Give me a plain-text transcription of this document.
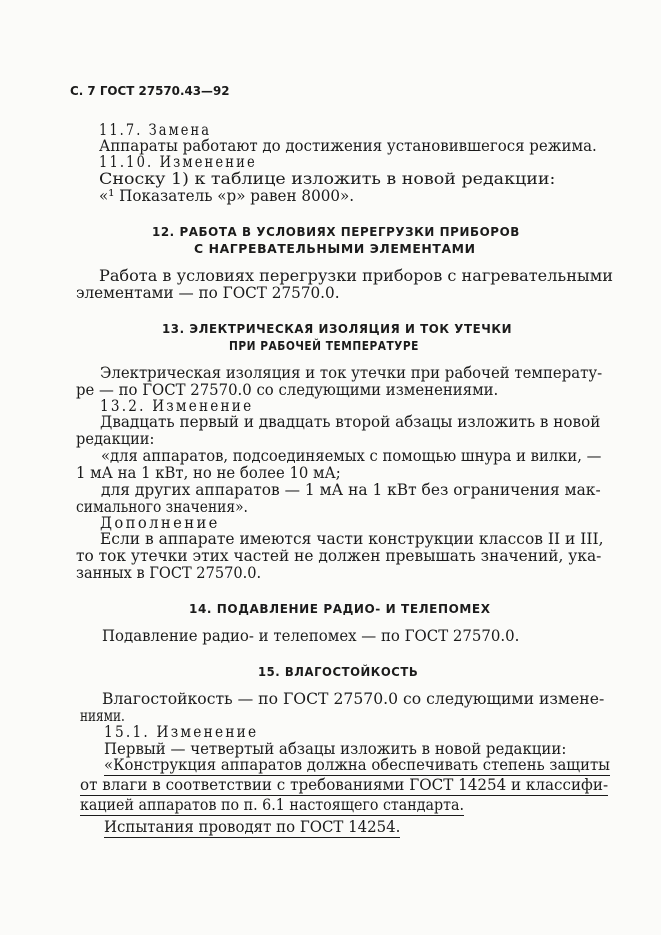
С. 7 ГОСТ 27570.43—92
11.7. Замена
Аппараты работают до достижения установившегося режима.
11.10. Изменение
Сноску 1) к таблице изложить в новой редакции:
«¹ Показатель «р» равен 8000».
12. РАБОТА В УСЛОВИЯХ ПЕРЕГРУЗКИ ПРИБОРОВ
С НАГРЕВАТЕЛЬНЫМИ ЭЛЕМЕНТАМИ
Работа в условиях перегрузки приборов с нагревательными
элементами — по ГОСТ 27570.0.
13. ЭЛЕКТРИЧЕСКАЯ ИЗОЛЯЦИЯ И ТОК УТЕЧКИ
ПРИ РАБОЧЕЙ ТЕМПЕРАТУРЕ
Электрическая изоляция и ток утечки при рабочей температу-
ре — по ГОСТ 27570.0 со следующими изменениями.
13.2. Изменение
Двадцать первый и двадцать второй абзацы изложить в новой
редакции:
«для аппаратов, подсоединяемых с помощью шнура и вилки, —
1 мА на 1 кВт, но не более 10 мА;
для других аппаратов — 1 мА на 1 кВт без ограничения мак-
симального значения».
Дополнение
Если в аппарате имеются части конструкции классов II и III,
то ток утечки этих частей не должен превышать значений, ука-
занных в ГОСТ 27570.0.
14. ПОДАВЛЕНИЕ РАДИО- И ТЕЛЕПОМЕХ
Подавление радио- и телепомех — по ГОСТ 27570.0.
15. ВЛАГОСТОЙКОСТЬ
Влагостойкость — по ГОСТ 27570.0 со следующими измене-
ниями.
15.1. Изменение
Первый — четвертый абзацы изложить в новой редакции:
«Конструкция аппаратов должна обеспечивать степень защиты
от влаги в соответствии с требованиями ГОСТ 14254 и классифи-
кацией аппаратов по п. 6.1 настоящего стандарта.
Испытания проводят по ГОСТ 14254.
